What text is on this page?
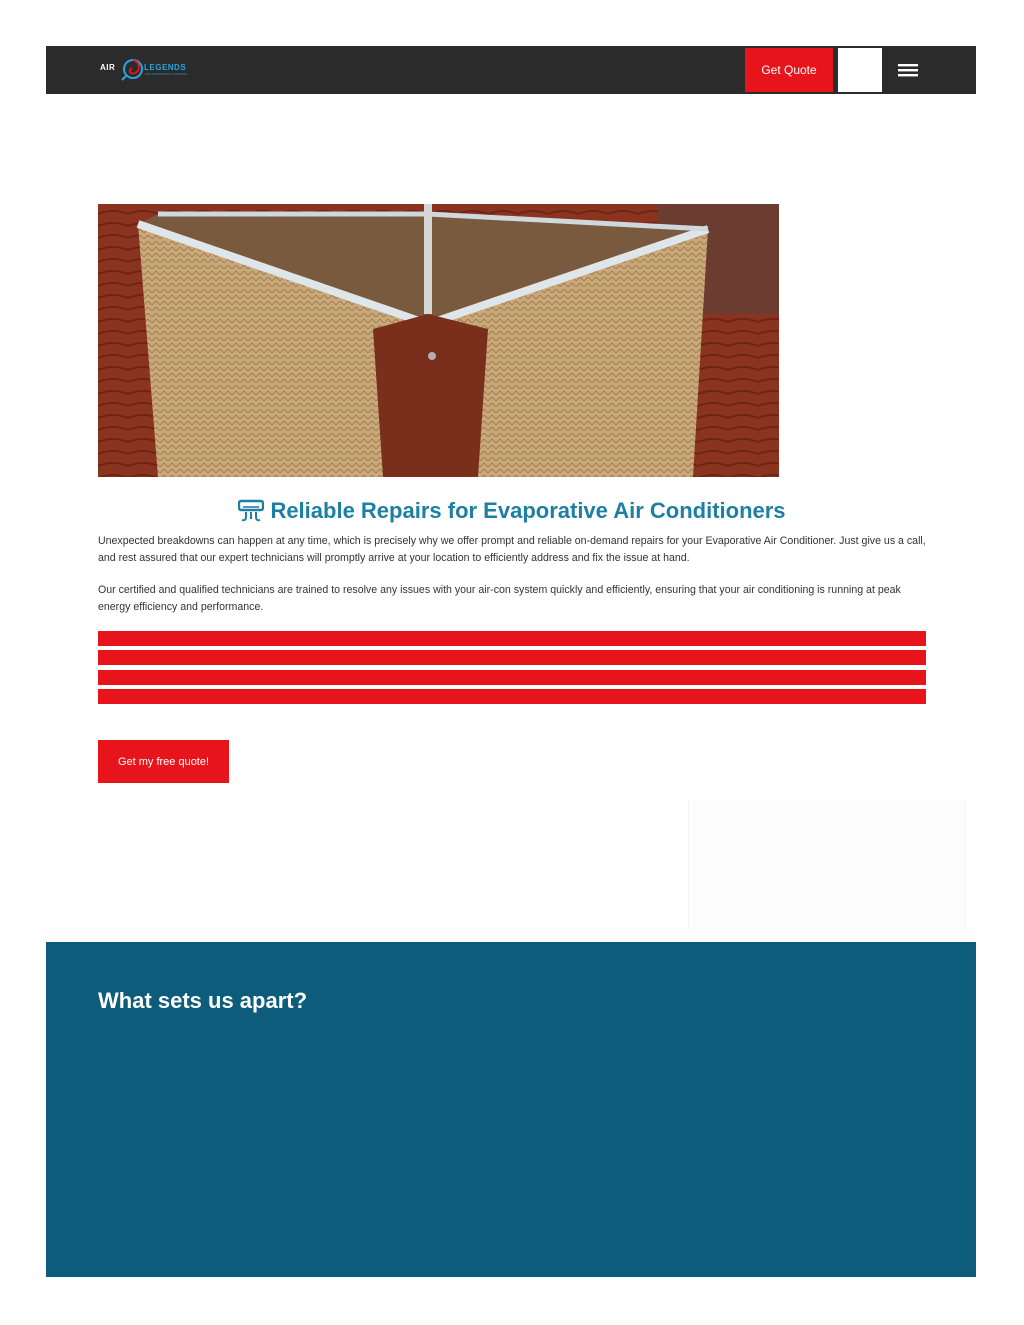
AIR	LEGENDS
AIR CONDITIONING & HEATING	Get Quote
Reliable Repairs for Evaporative Air Conditioners

Unexpected breakdowns can happen at any time, which is precisely why we offer prompt and reliable on-demand repairs for your Evaporative Air Conditioner. Just give us a call, and rest assured that our expert technicians will promptly arrive at your location to efficiently address and fix the issue at hand.

Our certified and qualified technicians are trained to resolve any issues with your air-con system quickly and efficiently, ensuring that your air conditioning is running at peak energy efficiency and performance.

Get my free quote!
What sets us apart?
